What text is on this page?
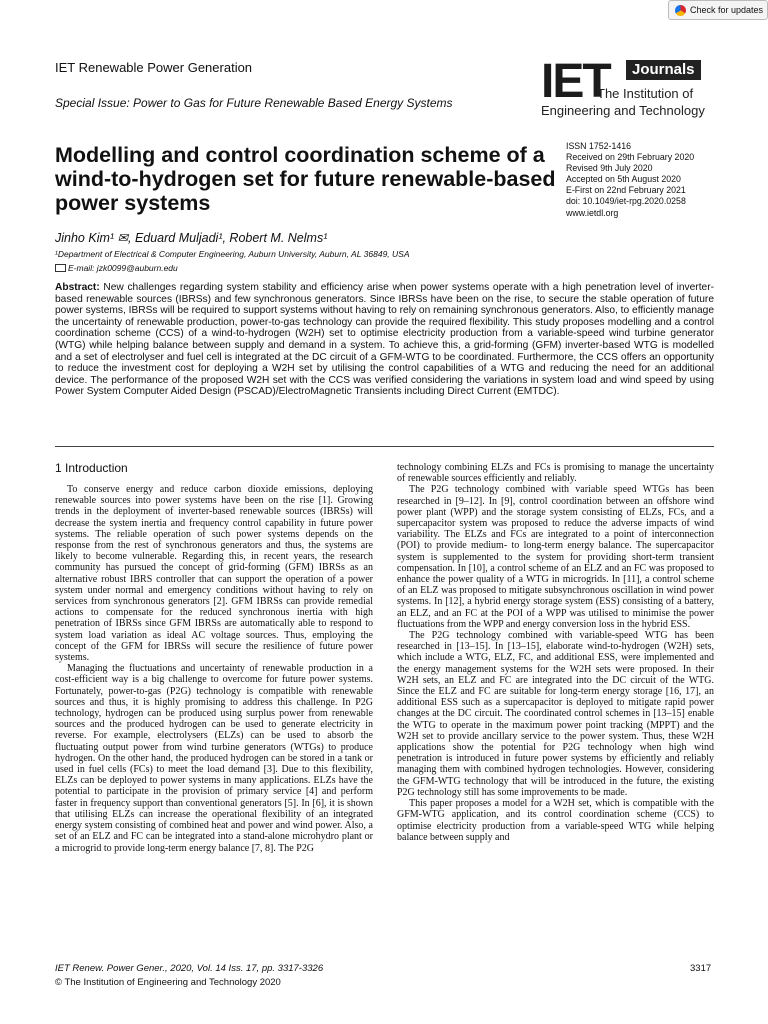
Check for updates
IET Renewable Power Generation
Special Issue: Power to Gas for Future Renewable Based Energy Systems IET	Journals
The Institution of
Engineering and Technology
Modelling and control coordination scheme of a wind-to-hydrogen set for future renewable-based power systems
ISSN 1752-1416
Received on 29th February 2020
Revised 9th July 2020
Accepted on 5th August 2020
E-First on 22nd February 2021
doi: 10.1049/iet-rpg.2020.0258
www.ietdl.org
Jinho Kim¹ ✉, Eduard Muljadi¹, Robert M. Nelms¹
¹Department of Electrical & Computer Engineering, Auburn University, Auburn, AL 36849, USA
E-mail: jzk0099@auburn.edu
Abstract: New challenges regarding system stability and efficiency arise when power systems operate with a high penetration level of inverter-based renewable sources (IBRSs) and few synchronous generators. Since IBRSs have been on the rise, to secure the stable operation of future power systems, IBRSs will be required to support systems without having to rely on remaining synchronous generators. Also, to efficiently manage the uncertainty of renewable production, power-to-gas technology can provide the required flexibility. This study proposes modelling and a control coordination scheme (CCS) of a wind-to-hydrogen (W2H) set to optimise electricity production from a variable-speed wind turbine generator (WTG) while helping balance between supply and demand in a system. To achieve this, a grid-forming (GFM) inverter-based WTG is modelled and a set of electrolyser and fuel cell is integrated at the DC circuit of a GFM-WTG to be coordinated. Furthermore, the CCS offers an opportunity to reduce the investment cost for deploying a W2H set by utilising the control capabilities of a WTG and reducing the need for an additional device. The performance of the proposed W2H set with the CCS was verified considering the variations in system load and wind speed by using Power System Computer Aided Design (PSCAD)/ElectroMagnetic Transients including Direct Current (EMTDC).
1 Introduction

To conserve energy and reduce carbon dioxide emissions, deploying renewable sources into power systems have been on the rise [1]. Growing trends in the deployment of inverter-based renewable sources (IBRSs) will decrease the system inertia and frequency control capability in future power systems. The reliable operation of such power systems depends on the response from the rest of synchronous generators and thus, the systems are likely to become vulnerable. Regarding this, in recent years, the research community has pursued the concept of grid-forming (GFM) IBRSs as an alternative robust IBRS controller that can support the operation of a power system under normal and emergency conditions without having to rely on services from synchronous generators [2]. GFM IBRSs can provide remedial actions to compensate for the reduced synchronous inertia with high penetration of IBRSs since GFM IBRSs are automatically able to respond to system load variation as ideal AC voltage sources. Thus, employing the concept of the GFM for IBRSs will secure the resilience of future power systems.

Managing the fluctuations and uncertainty of renewable production in a cost-efficient way is a big challenge to overcome for future power systems. Fortunately, power-to-gas (P2G) technology is compatible with renewable sources and thus, it is highly promising to address this challenge. In P2G technology, hydrogen can be produced using surplus power from renewable sources and the produced hydrogen can be used to generate electricity in reverse. For example, electrolysers (ELZs) can be used to absorb the fluctuating output power from wind turbine generators (WTGs) to produce hydrogen. On the other hand, the produced hydrogen can be stored in a tank or used in fuel cells (FCs) to meet the load demand [3]. Due to this flexibility, ELZs can be deployed to power systems in many applications. ELZs have the potential to participate in the provision of primary service [4] and perform faster in frequency support than conventional generators [5]. In [6], it is shown that utilising ELZs can increase the operational flexibility of an integrated energy system consisting of combined heat and power and wind power. Also, a set of an ELZ and FC can be integrated into a stand-alone microhydro plant or a microgrid to provide long-term energy balance [7, 8]. The P2G

technology combining ELZs and FCs is promising to manage the uncertainty of renewable sources efficiently and reliably.

The P2G technology combined with variable speed WTGs has been researched in [9–12]. In [9], control coordination between an offshore wind power plant (WPP) and the storage system consisting of ELZs, FCs, and a supercapacitor system was proposed to reduce the adverse impacts of wind variability. The ELZs and FCs are integrated to a point of interconnection (POI) to provide medium- to long-term energy balance. The supercapacitor system is supplemented to the system for providing short-term transient compensation. In [10], a control scheme of an ELZ and an FC was proposed to enhance the power quality of a WTG in microgrids. In [11], a control scheme of an ELZ was proposed to mitigate subsynchronous oscillation in wind power systems. In [12], a hybrid energy storage system (ESS) consisting of a battery, an ELZ, and an FC at the POI of a WPP was utilised to minimise the power fluctuations from the WPP and energy conversion loss in the hybrid ESS.

The P2G technology combined with variable-speed WTG has been researched in [13–15]. In [13–15], elaborate wind-to-hydrogen (W2H) sets, which include a WTG, ELZ, FC, and additional ESS, were implemented and the energy management systems for the W2H sets were proposed. In their W2H sets, an ELZ and FC are integrated into the DC circuit of the WTG. Since the ELZ and FC are suitable for long-term energy storage [16, 17], an additional ESS such as a supercapacitor is deployed to mitigate rapid power changes at the DC circuit. The coordinated control schemes in [13–15] enable the WTG to operate in the maximum power point tracking (MPPT) and the W2H set to provide ancillary service to the power system. Thus, these W2H applications show the potential for P2G technology when high wind penetration is introduced in future power systems by efficiently and reliably managing them with combined hydrogen technologies. However, considering the GFM-WTG technology that will be introduced in the future, the existing P2G technology still has some improvements to be made.

This paper proposes a model for a W2H set, which is compatible with the GFM-WTG application, and its control coordination scheme (CCS) to optimise electricity production from a variable-speed WTG while helping balance between supply and

IET Renew. Power Gener., 2020, Vol. 14 Iss. 17, pp. 3317-3326
© The Institution of Engineering and Technology 2020
3317
